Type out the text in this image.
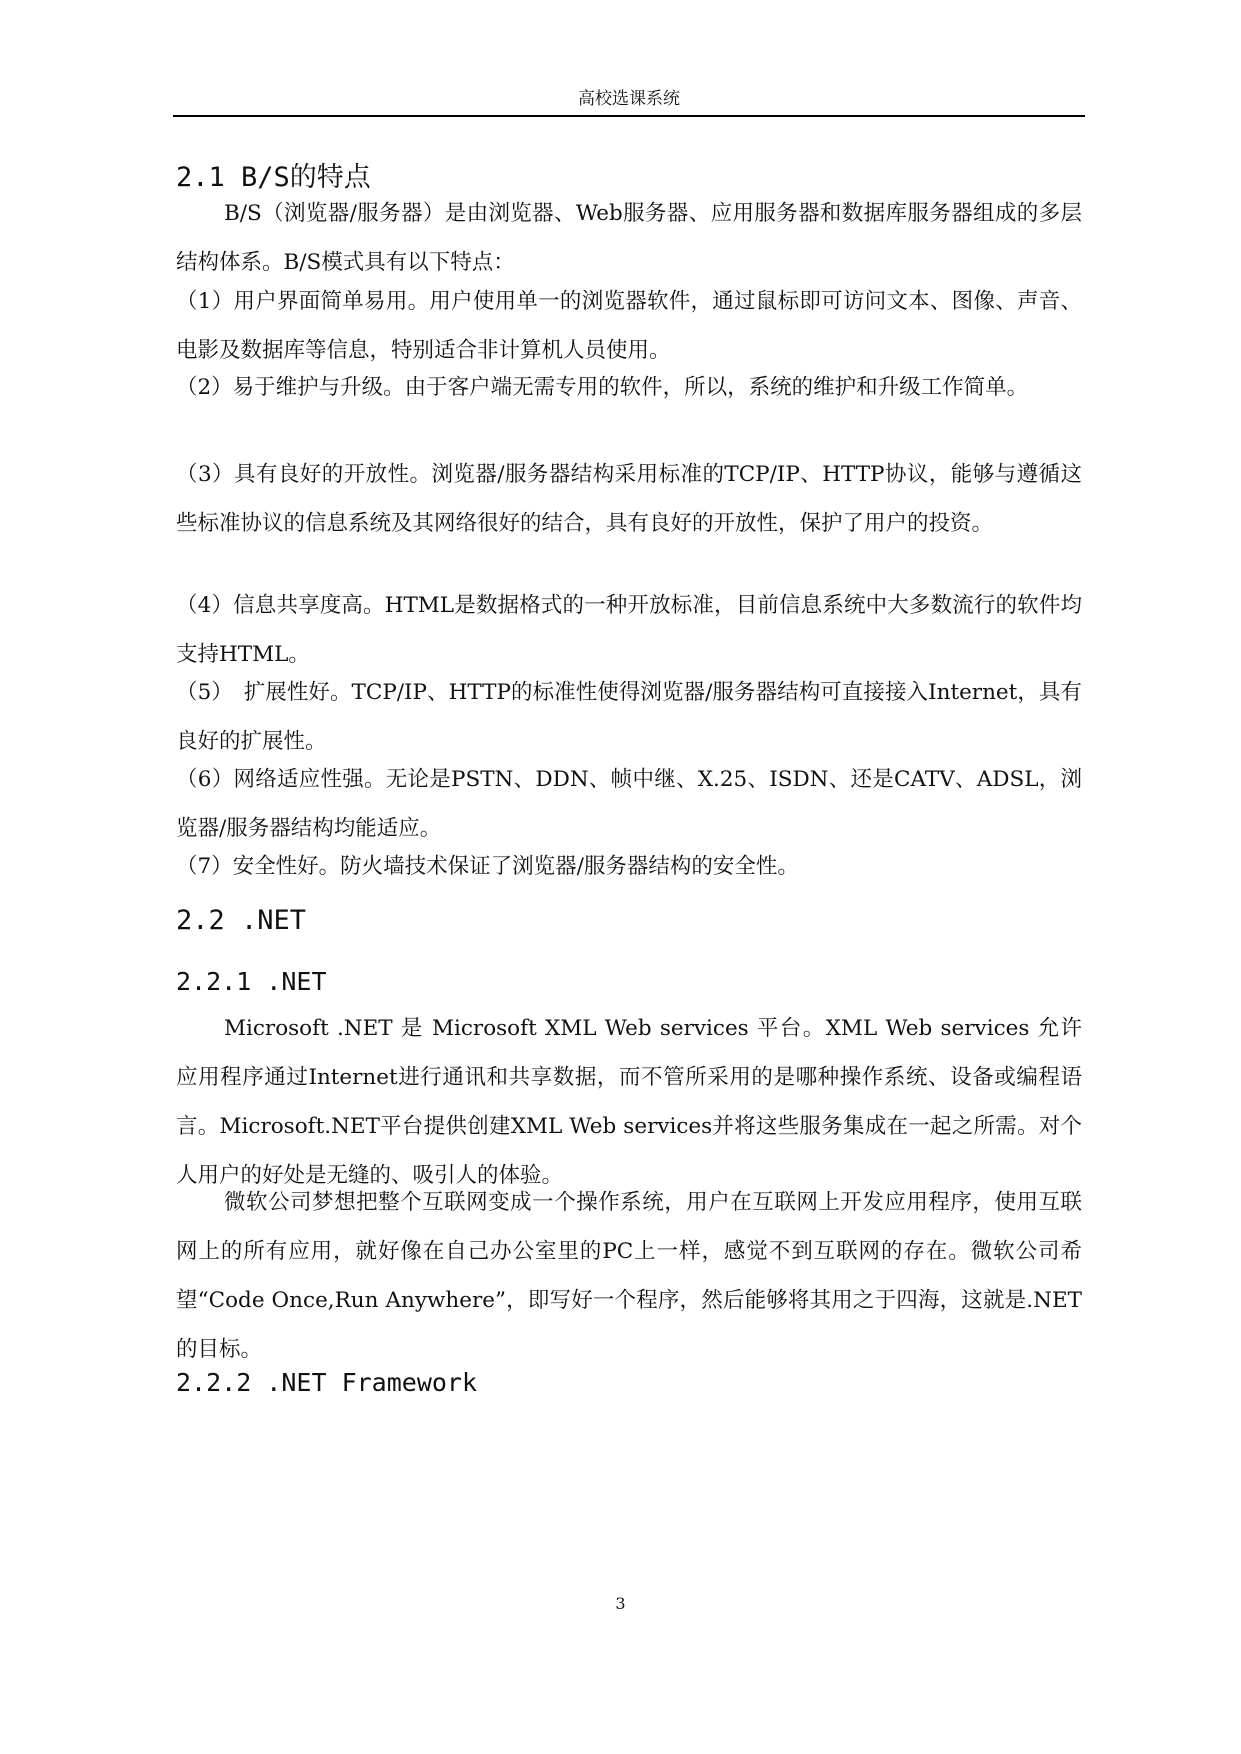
高校选课系统
2.1 B/S的特点

B/S（浏览器/服务器）是由浏览器、Web服务器、应用服务器和数据库服务器组成的多层结构体系。B/S模式具有以下特点：

（1）用户界面简单易用。用户使用单一的浏览器软件，通过鼠标即可访问文本、图像、声音、电影及数据库等信息，特别适合非计算机人员使用。

（2）易于维护与升级。由于客户端无需专用的软件，所以，系统的维护和升级工作简单。

（3）具有良好的开放性。浏览器/服务器结构采用标准的TCP/IP、HTTP协议，能够与遵循这些标准协议的信息系统及其网络很好的结合，具有良好的开放性，保护了用户的投资。

（4）信息共享度高。HTML是数据格式的一种开放标准，目前信息系统中大多数流行的软件均支持HTML。

（5）　扩展性好。TCP/IP、HTTP的标准性使得浏览器/服务器结构可直接接入Internet，具有良好的扩展性。

（6）网络适应性强。无论是PSTN、DDN、帧中继、X.25、ISDN、还是CATV、ADSL，浏览器/服务器结构均能适应。

（7）安全性好。防火墙技术保证了浏览器/服务器结构的安全性。

2.2 .NET
2.2.1 .NET

Microsoft .NET 是 Microsoft XML Web services 平台。XML Web services 允许应用程序通过Internet进行通讯和共享数据，而不管所采用的是哪种操作系统、设备或编程语言。Microsoft.NET平台提供创建XML Web services并将这些服务集成在一起之所需。对个人用户的好处是无缝的、吸引人的体验。

微软公司梦想把整个互联网变成一个操作系统，用户在互联网上开发应用程序，使用互联网上的所有应用，就好像在自己办公室里的PC上一样，感觉不到互联网的存在。微软公司希望“Code Once,Run Anywhere”，即写好一个程序，然后能够将其用之于四海，这就是.NET的目标。

2.2.2 .NET Framework
3
